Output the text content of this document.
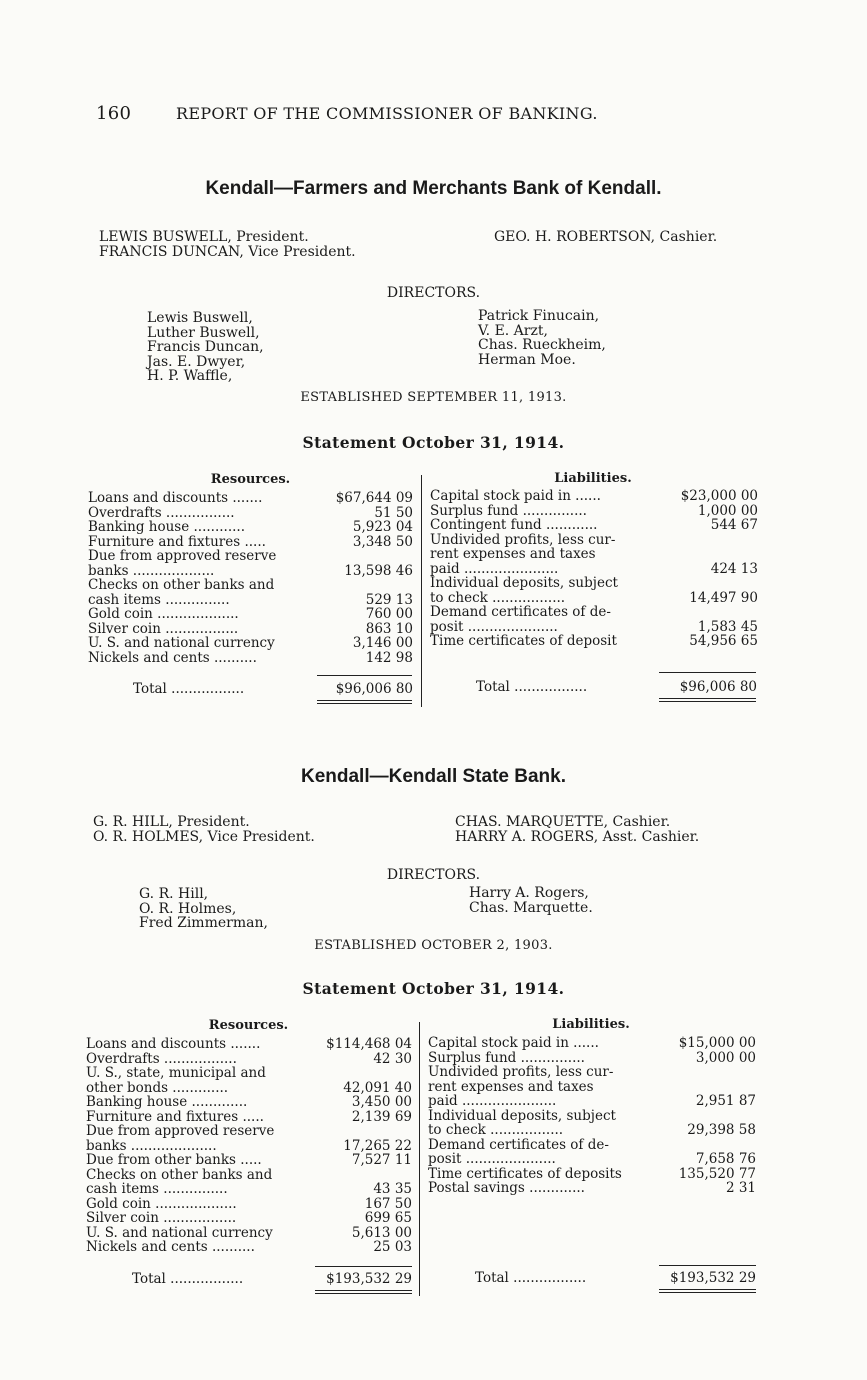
160	REPORT OF THE COMMISSIONER OF BANKING.
Kendall—Farmers and Merchants Bank of Kendall.
LEWIS BUSWELL, President.
FRANCIS DUNCAN, Vice President.
GEO. H. ROBERTSON, Cashier.
DIRECTORS.
Lewis Buswell,
Luther Buswell,
Francis Duncan,
Jas. E. Dwyer,
H. P. Waffle,
Patrick Finucain,
V. E. Arzt,
Chas. Rueckheim,
Herman Moe.
ESTABLISHED SEPTEMBER 11, 1913.
Statement October 31, 1914.
Resources.	Liabilities.
Loans and discounts .......	$67,644 09
Overdrafts ................	51 50
Banking house ............	5,923 04
Furniture and fixtures .....	3,348 50
Due from approved reserve
banks ...................	13,598 46
Checks on other banks and
cash items ...............	529 13
Gold coin ...................	760 00
Silver coin .................	863 10
U. S. and national currency	3,146 00
Nickels and cents ..........	142 98
Capital stock paid in ......	$23,000 00
Surplus fund ...............	1,000 00
Contingent fund ............	544 67
Undivided profits, less cur-
rent expenses and taxes
paid ......................	424 13
Individual deposits, subject
to check .................	14,497 90
Demand certificates of de-
posit .....................	1,583 45
Time certificates of deposit	54,956 65
Total .................	$96,006 80	Total .................	$96,006 80
Kendall—Kendall State Bank.
G. R. HILL, President.
O. R. HOLMES, Vice President.
CHAS. MARQUETTE, Cashier.
HARRY A. ROGERS, Asst. Cashier.
DIRECTORS.
G. R. Hill,
O. R. Holmes,
Fred Zimmerman,
Harry A. Rogers,
Chas. Marquette.
ESTABLISHED OCTOBER 2, 1903.
Statement October 31, 1914.
Resources.	Liabilities.
Loans and discounts .......	$114,468 04
Overdrafts .................	42 30
U. S., state, municipal and
other bonds .............	42,091 40
Banking house .............	3,450 00
Furniture and fixtures .....	2,139 69
Due from approved reserve
banks ....................	17,265 22
Due from other banks .....	7,527 11
Checks on other banks and
cash items ...............	43 35
Gold coin ...................	167 50
Silver coin .................	699 65
U. S. and national currency	5,613 00
Nickels and cents ..........	25 03
Capital stock paid in ......	$15,000 00
Surplus fund ...............	3,000 00
Undivided profits, less cur-
rent expenses and taxes
paid ......................	2,951 87
Individual deposits, subject
to check .................	29,398 58
Demand certificates of de-
posit .....................	7,658 76
Time certificates of deposits	135,520 77
Postal savings .............	2 31
Total .................	$193,532 29	Total .................	$193,532 29
